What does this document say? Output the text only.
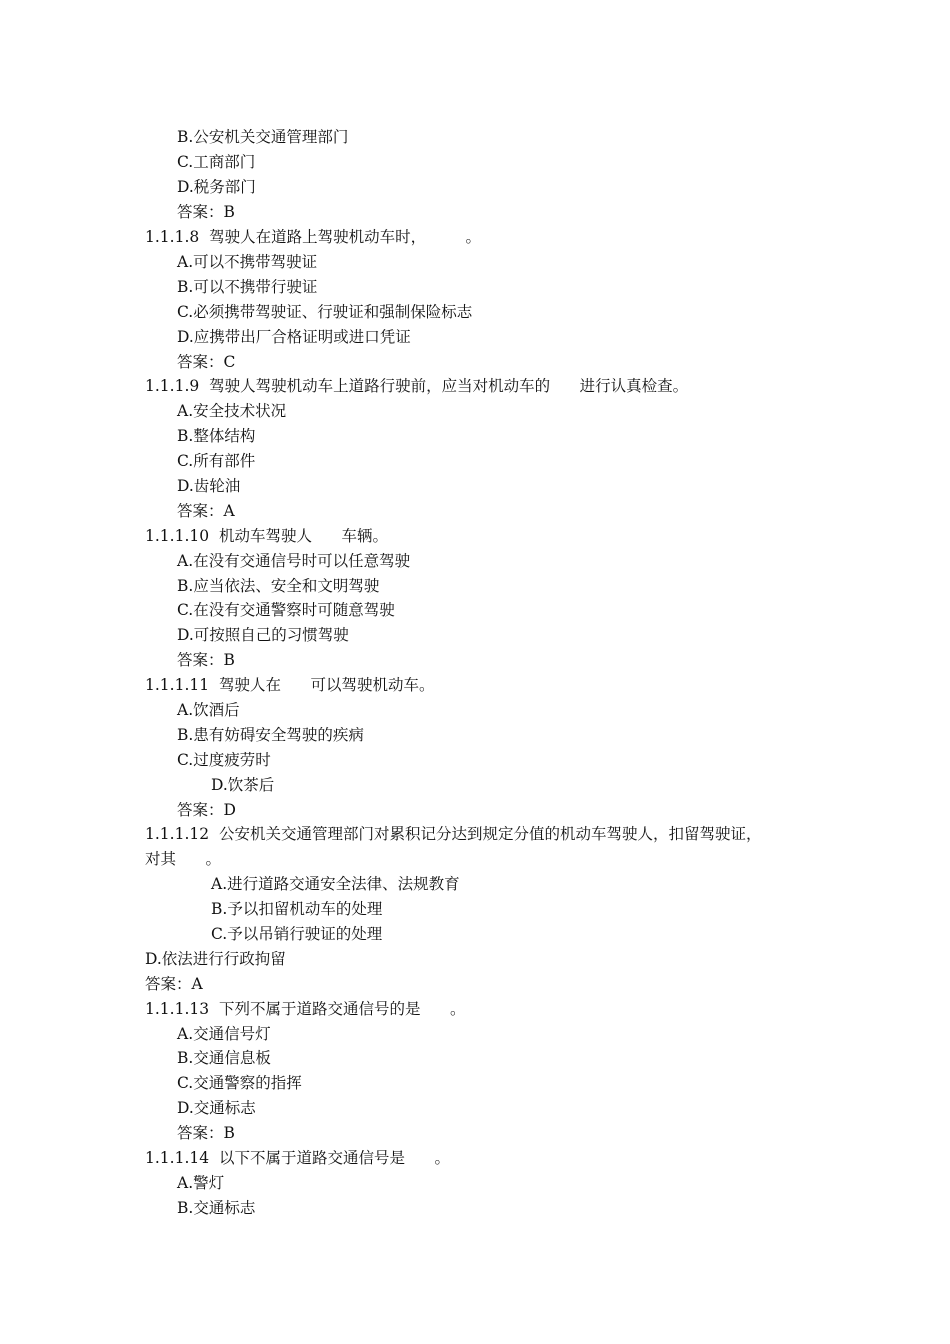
B.公安机关交通管理部门
C.工商部门
D.税务部门
答案：B
1.1.1.8  驾驶人在道路上驾驶机动车时，        。
A.可以不携带驾驶证
B.可以不携带行驶证
C.必须携带驾驶证、行驶证和强制保险标志
D.应携带出厂合格证明或进口凭证
答案：C
1.1.1.9  驾驶人驾驶机动车上道路行驶前，应当对机动车的      进行认真检查。
A.安全技术状况
B.整体结构
C.所有部件
D.齿轮油
答案：A
1.1.1.10  机动车驾驶人      车辆。
A.在没有交通信号时可以任意驾驶
B.应当依法、安全和文明驾驶
C.在没有交通警察时可随意驾驶
D.可按照自己的习惯驾驶
答案：B
1.1.1.11  驾驶人在      可以驾驶机动车。
A.饮酒后
B.患有妨碍安全驾驶的疾病
C.过度疲劳时
D.饮茶后
答案：D
1.1.1.12  公安机关交通管理部门对累积记分达到规定分值的机动车驾驶人，扣留驾驶证，
对其      。
A.进行道路交通安全法律、法规教育
B.予以扣留机动车的处理
C.予以吊销行驶证的处理
D.依法进行行政拘留
答案：A
1.1.1.13  下列不属于道路交通信号的是      。
A.交通信号灯
B.交通信息板
C.交通警察的指挥
D.交通标志
答案：B
1.1.1.14  以下不属于道路交通信号是      。
A.警灯
B.交通标志
